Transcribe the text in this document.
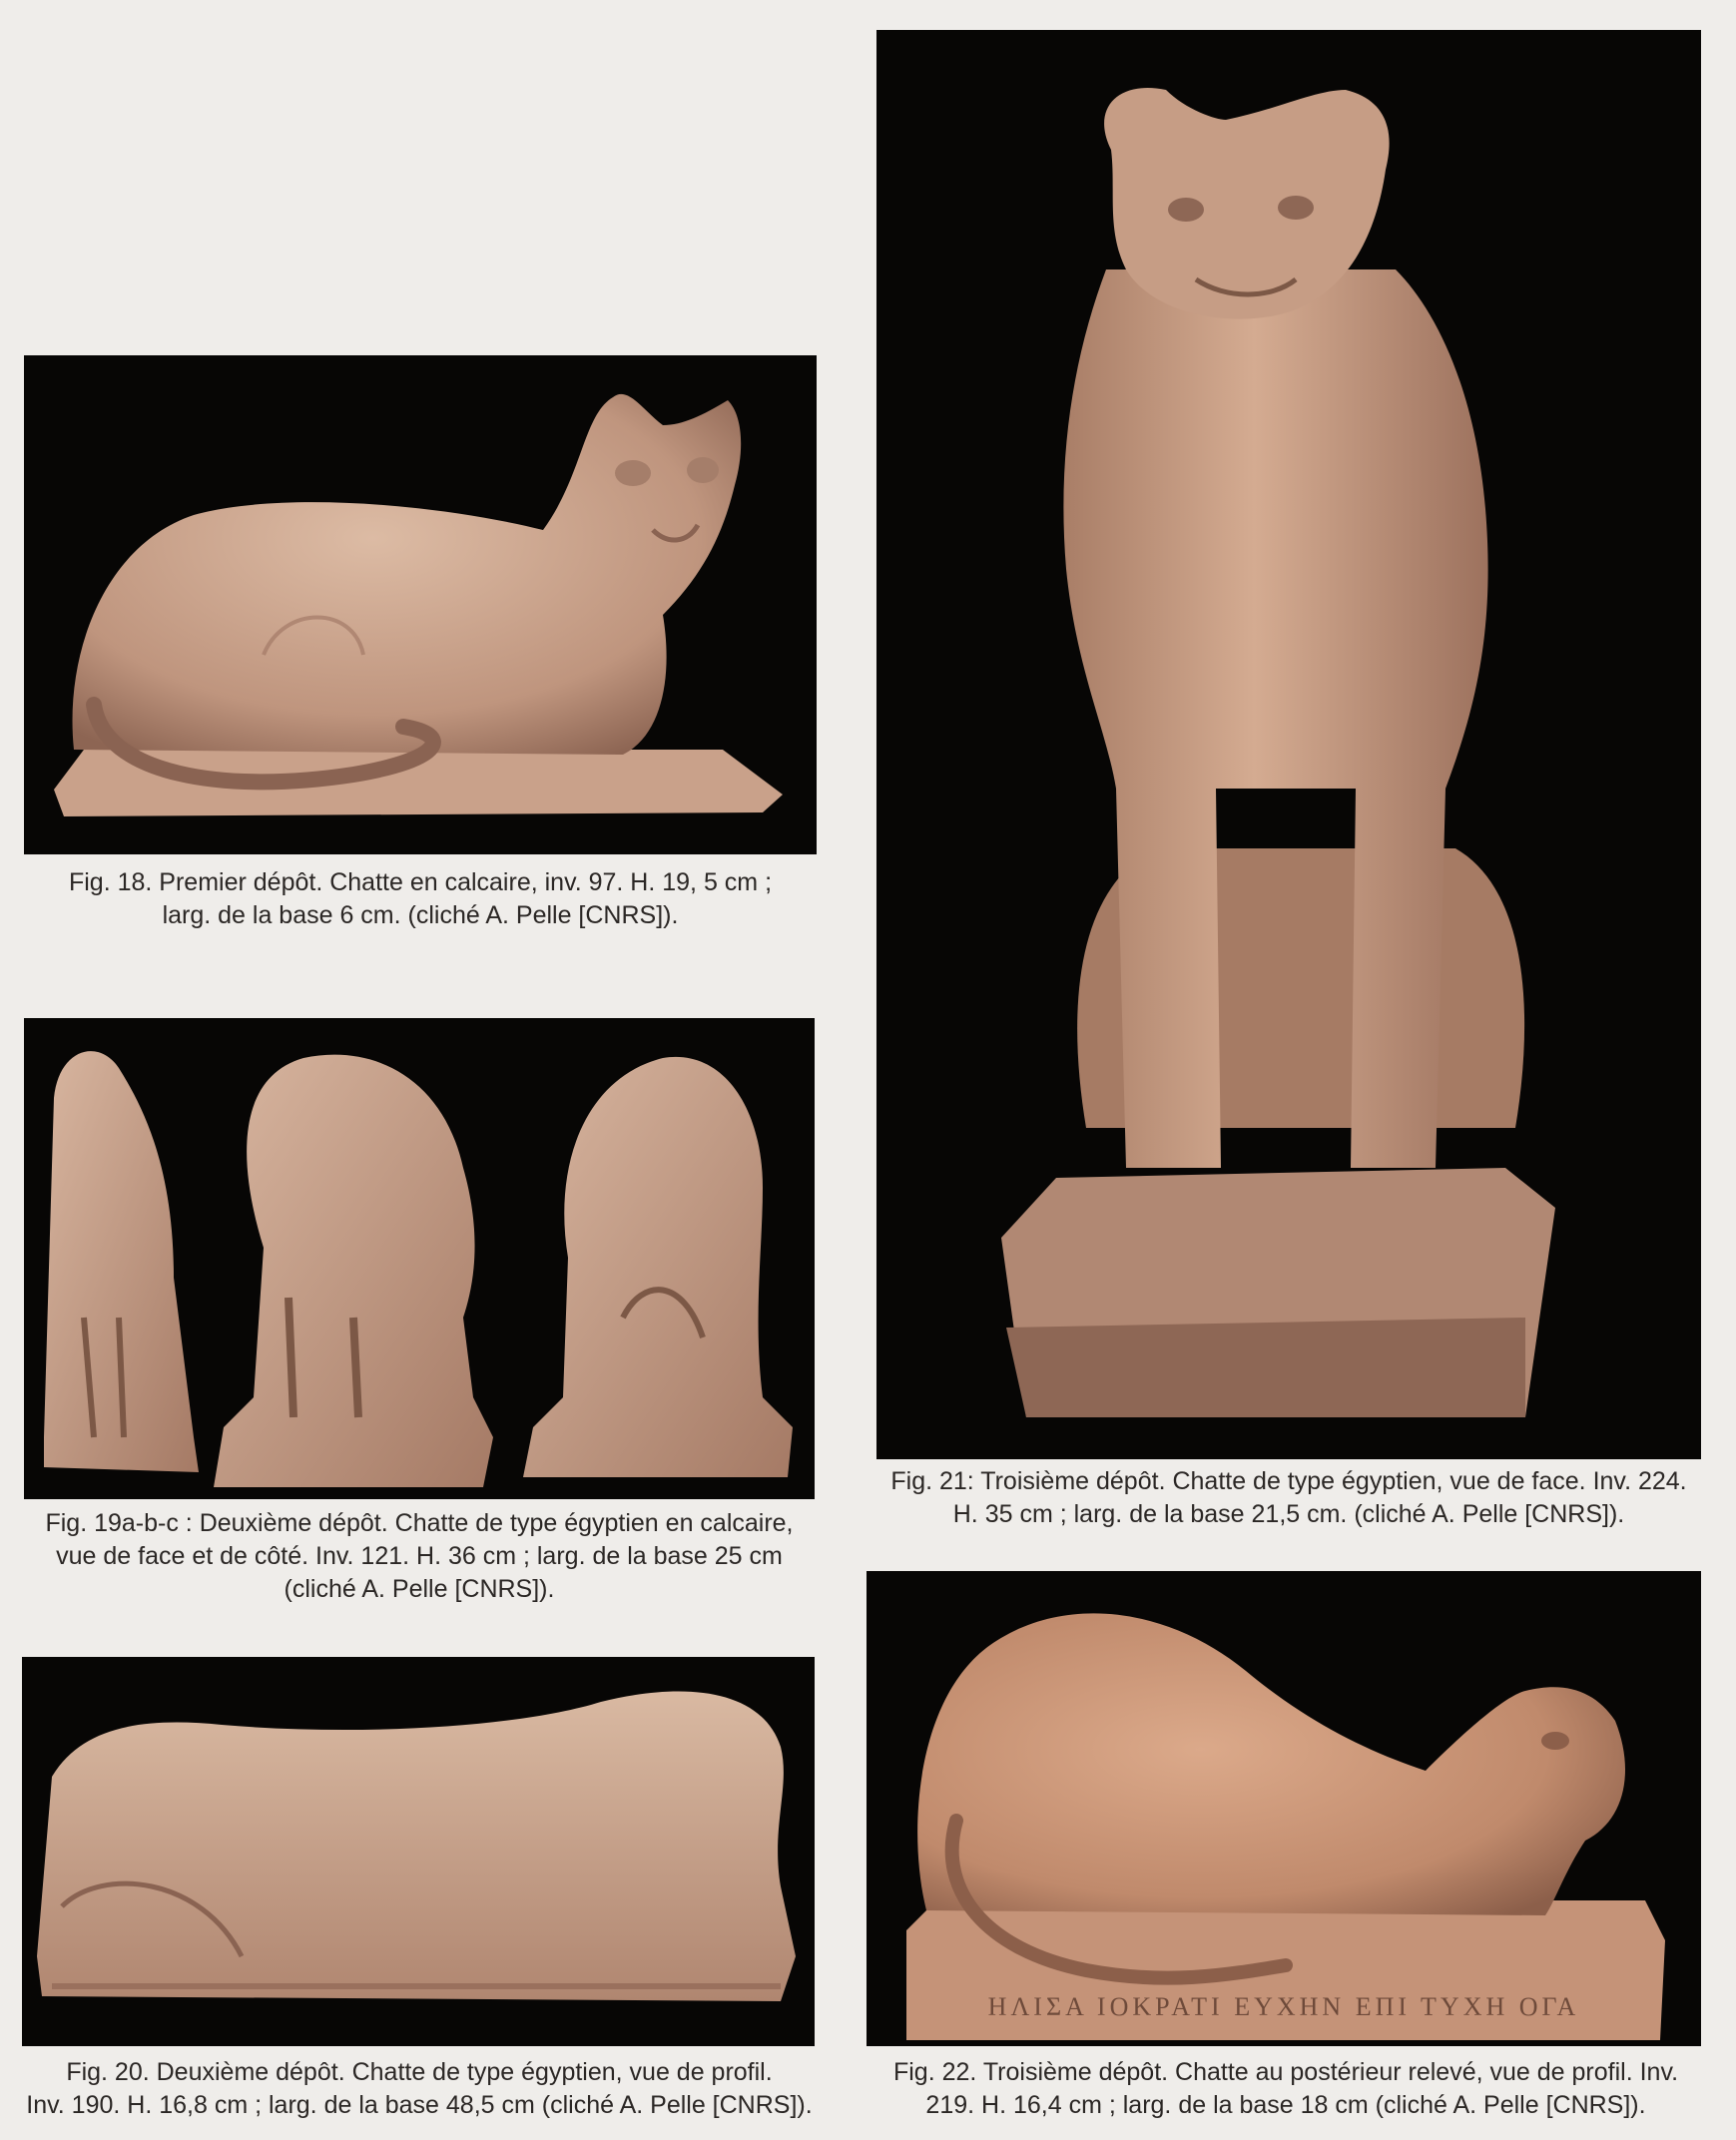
Fig. 18. Premier dépôt. Chatte en calcaire, inv. 97. H. 19, 5 cm ;
larg. de la base 6 cm. (cliché A. Pelle [CNRS]).
Fig. 19a-b-c : Deuxième dépôt. Chatte de type égyptien en calcaire,
vue de face et de côté. Inv. 121. H. 36 cm ; larg. de la base 25 cm
(cliché A. Pelle [CNRS]).
Fig. 20. Deuxième dépôt. Chatte de type égyptien, vue de profil.
Inv. 190. H. 16,8 cm ; larg. de la base 48,5 cm (cliché A. Pelle [CNRS]).
Fig. 21: Troisième dépôt. Chatte de type égyptien, vue de face. Inv. 224.
H. 35 cm ; larg. de la base 21,5 cm. (cliché A. Pelle [CNRS]).
ΗΛΙΣΑ ΙΟΚΡΑΤΙ ΕΥΧΗΝ ΕΠΙ ΤΥΧΗ ΟΓΑ
Fig. 22. Troisième dépôt. Chatte au postérieur relevé, vue de profil. Inv.
219. H. 16,4 cm ; larg. de la base 18 cm (cliché A. Pelle [CNRS]).
